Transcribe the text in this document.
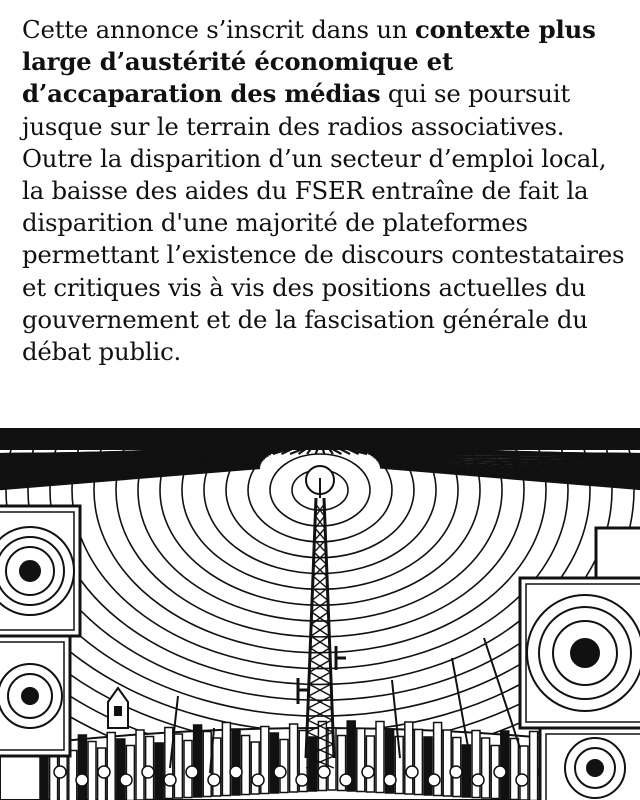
Cette annonce s’inscrit dans un contexte plus large d’austérité économique et d’accaparation des médias qui se poursuit jusque sur le terrain des radios associatives. Outre la disparition d’un secteur d’emploi local, la baisse des aides du FSER entraîne de fait la disparition d'une majorité de plateformes permettant l’existence de discours contestataires et critiques vis à vis des positions actuelles du gouvernement et de la fascisation générale du débat public.
